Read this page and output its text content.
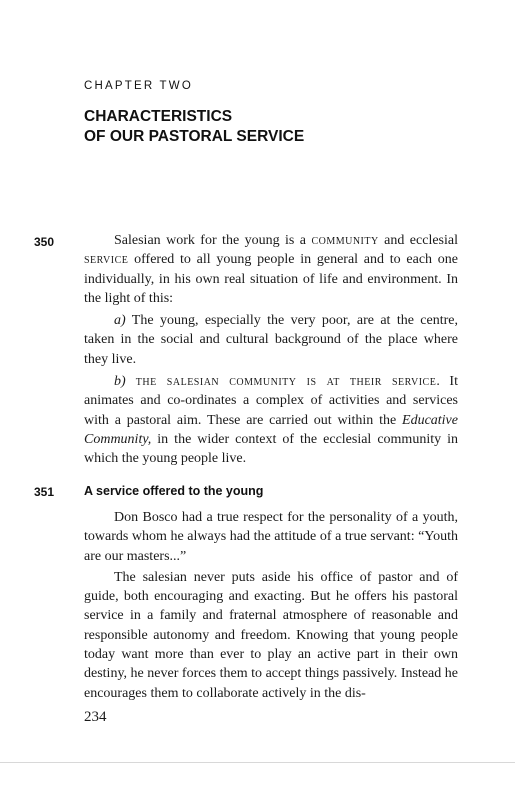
CHAPTER TWO
CHARACTERISTICS
OF OUR PASTORAL SERVICE
350	Salesian work for the young is a community and ecclesial service offered to all young people in general and to each one individually, in his own real situation of life and environment. In the light of this:

a) The young, especially the very poor, are at the centre, taken in the social and cultural background of the place where they live.

b) the salesian community is at their service. It animates and co-ordinates a complex of activities and services with a pastoral aim. These are carried out within the Educative Community, in the wider context of the ecclesial community in which the young people live.

351 A service offered to the young

Don Bosco had a true respect for the personality of a youth, towards whom he always had the attitude of a true servant: “Youth are our masters...”

The salesian never puts aside his office of pastor and of guide, both encouraging and exacting. But he offers his pastoral service in a family and fraternal atmosphere of reasonable and responsible autonomy and freedom. Knowing that young people today want more than ever to play an active part in their own destiny, he never forces them to accept things passively. Instead he encourages them to collaborate actively in the dis-

234
